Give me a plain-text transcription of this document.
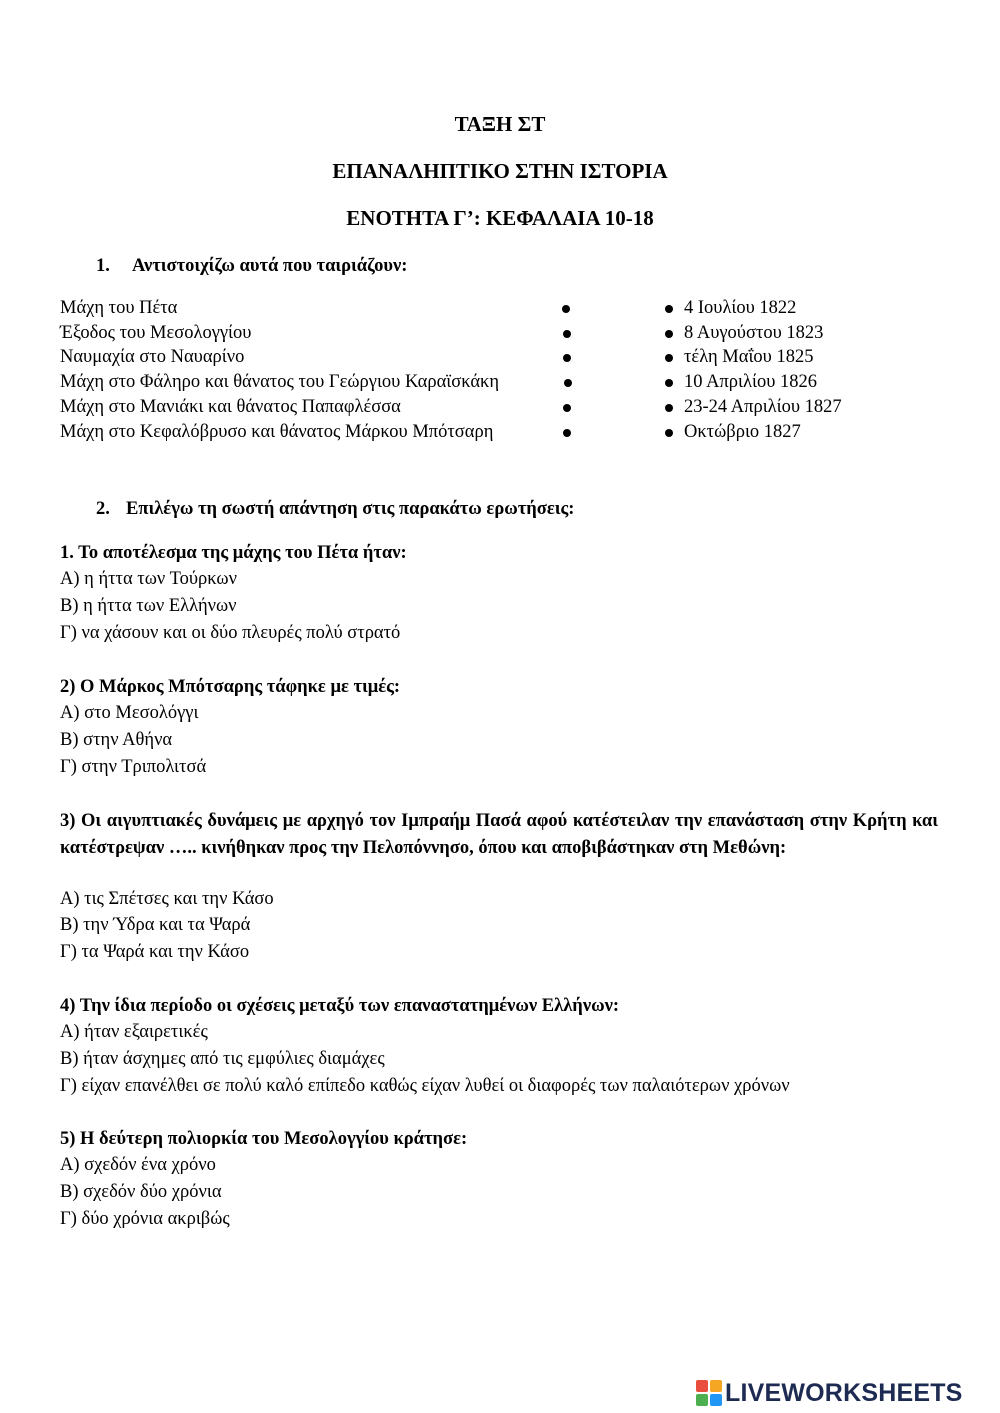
ΤΑΞΗ ΣΤ
ΕΠΑΝΑΛΗΠΤΙΚΟ ΣΤΗΝ ΙΣΤΟΡΙΑ
ΕΝΟΤΗΤΑ Γ’: ΚΕΦΑΛΑΙΑ 10-18
1. Αντιστοιχίζω αυτά που ταιριάζουν:
Μάχη του Πέτα
Έξοδος του Μεσολογγίου
Ναυμαχία στο Ναυαρίνο
Μάχη στο Φάληρο και θάνατος του Γεώργιου Καραϊσκάκη
Μάχη στο Μανιάκι και θάνατος Παπαφλέσσα
Μάχη στο Κεφαλόβρυσο και θάνατος Μάρκου Μπότσαρη
4 Ιουλίου 1822
8 Αυγούστου 1823
τέλη Μαΐου 1825
10 Απριλίου 1826
23-24 Απριλίου 1827
Οκτώβριο 1827
2. Επιλέγω τη σωστή απάντηση στις παρακάτω ερωτήσεις:
1. Το αποτέλεσμα της μάχης του Πέτα ήταν:
Α) η ήττα των Τούρκων
Β) η ήττα των Ελλήνων
Γ) να χάσουν και οι δύο πλευρές πολύ στρατό
2) Ο Μάρκος Μπότσαρης τάφηκε με τιμές:
Α) στο Μεσολόγγι
Β) στην Αθήνα
Γ) στην Τριπολιτσά
3) Οι αιγυπτιακές δυνάμεις με αρχηγό τον Ιμπραήμ Πασά αφού κατέστειλαν την επανάσταση στην Κρήτη και κατέστρεψαν ….. κινήθηκαν προς την Πελοπόννησο, όπου και αποβιβάστηκαν στη Μεθώνη:
Α) τις Σπέτσες και την Κάσο
Β) την Ύδρα και τα Ψαρά
Γ) τα Ψαρά και την Κάσο
4) Την ίδια περίοδο οι σχέσεις μεταξύ των επαναστατημένων Ελλήνων:
Α) ήταν εξαιρετικές
Β) ήταν άσχημες από τις εμφύλιες διαμάχες
Γ) είχαν επανέλθει σε πολύ καλό επίπεδο καθώς είχαν λυθεί οι διαφορές των παλαιότερων χρόνων
5) Η δεύτερη πολιορκία του Μεσολογγίου κράτησε:
Α) σχεδόν ένα χρόνο
Β) σχεδόν δύο χρόνια
Γ) δύο χρόνια ακριβώς
LIVEWORKSHEETS
